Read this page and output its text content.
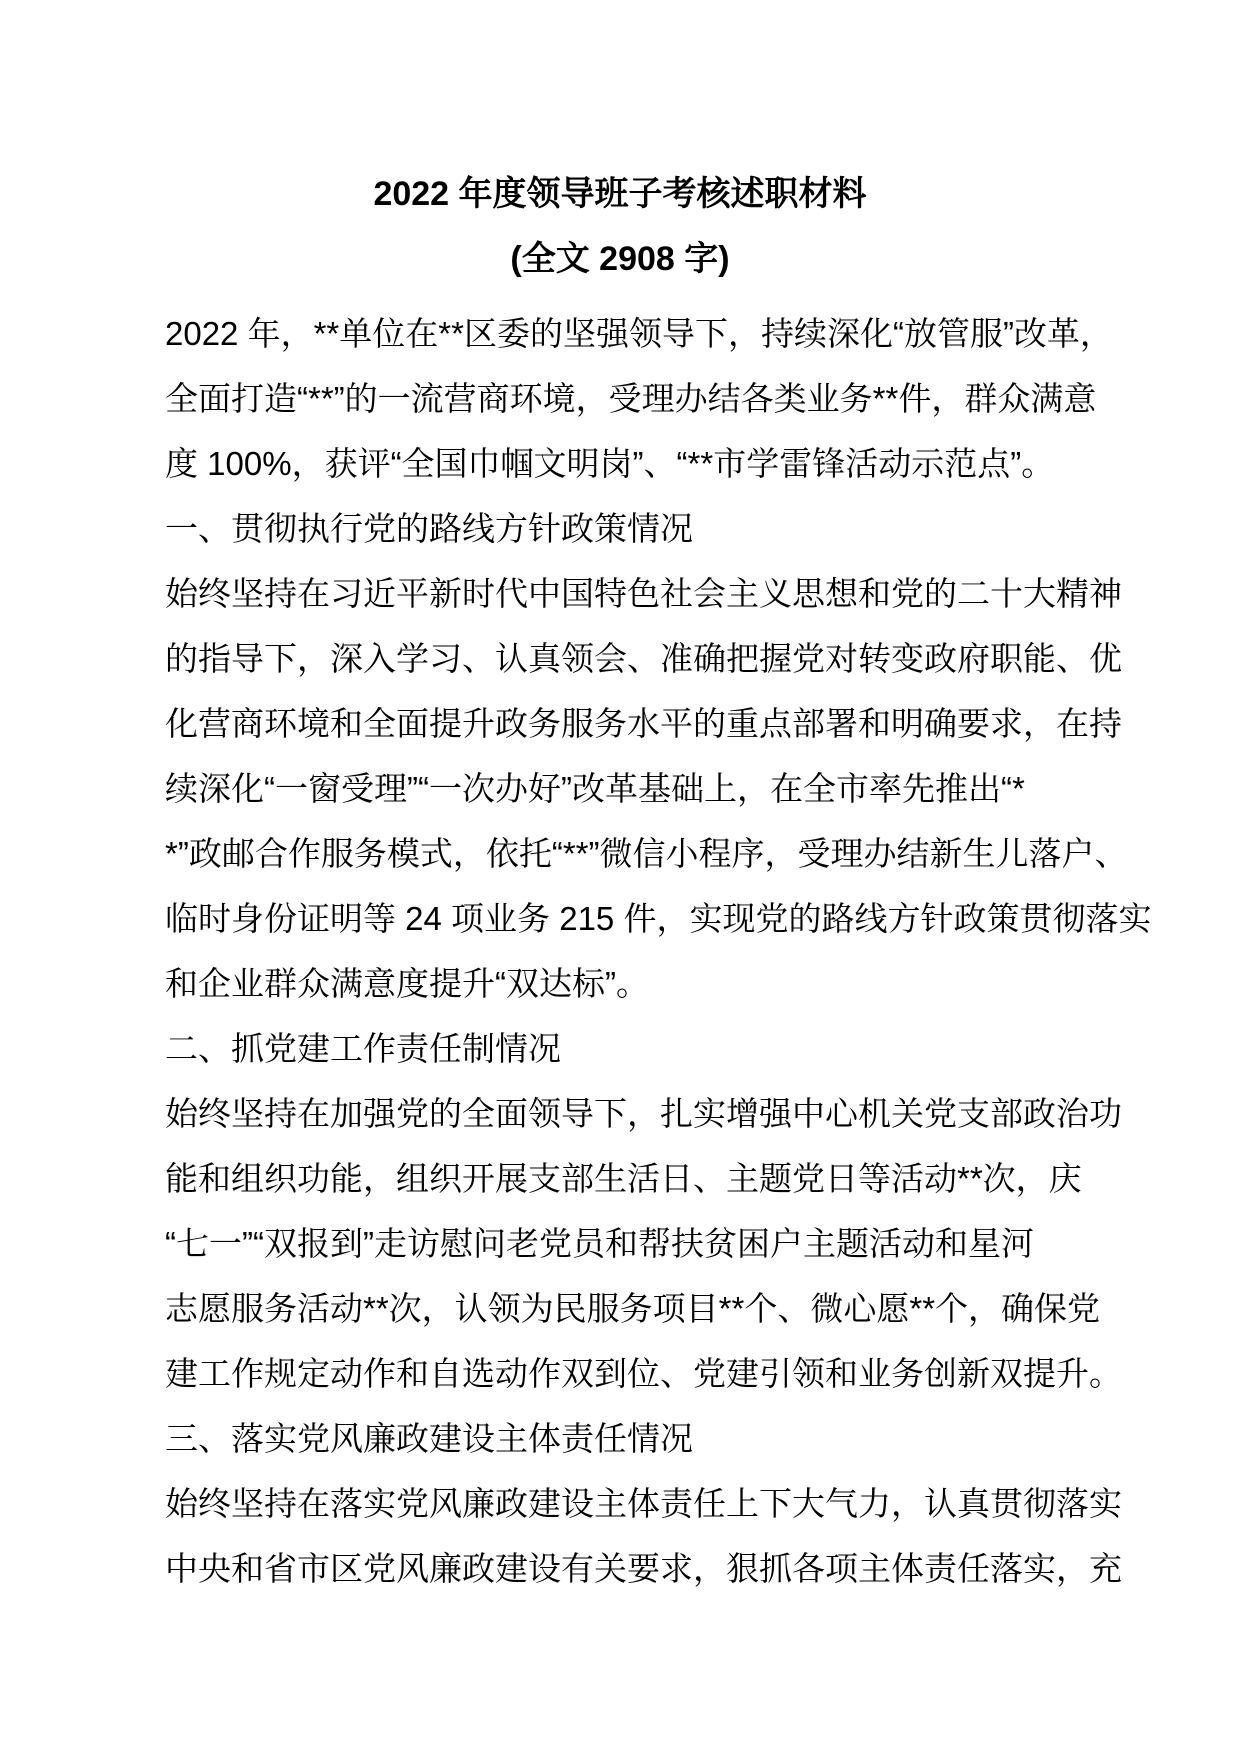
2022 年度领导班子考核述职材料
(全文 2908 字)
2022 年，**单位在**区委的坚强领导下，持续深化“放管服”改革，
全面打造“**”的一流营商环境，受理办结各类业务**件，群众满意
度 100%，获评“全国巾帼文明岗”、“**市学雷锋活动示范点”。
一、贯彻执行党的路线方针政策情况
始终坚持在习近平新时代中国特色社会主义思想和党的二十大精神
的指导下，深入学习、认真领会、准确把握党对转变政府职能、优
化营商环境和全面提升政务服务水平的重点部署和明确要求，在持
续深化“一窗受理”“一次办好”改革基础上，在全市率先推出“*
*”政邮合作服务模式，依托“**”微信小程序，受理办结新生儿落户、
临时身份证明等 24 项业务 215 件，实现党的路线方针政策贯彻落实
和企业群众满意度提升“双达标”。
二、抓党建工作责任制情况
始终坚持在加强党的全面领导下，扎实增强中心机关党支部政治功
能和组织功能，组织开展支部生活日、主题党日等活动**次，庆
“七一”“双报到”走访慰问老党员和帮扶贫困户主题活动和星河
志愿服务活动**次，认领为民服务项目**个、微心愿**个，确保党
建工作规定动作和自选动作双到位、党建引领和业务创新双提升。
三、落实党风廉政建设主体责任情况
始终坚持在落实党风廉政建设主体责任上下大气力，认真贯彻落实
中央和省市区党风廉政建设有关要求，狠抓各项主体责任落实，充
